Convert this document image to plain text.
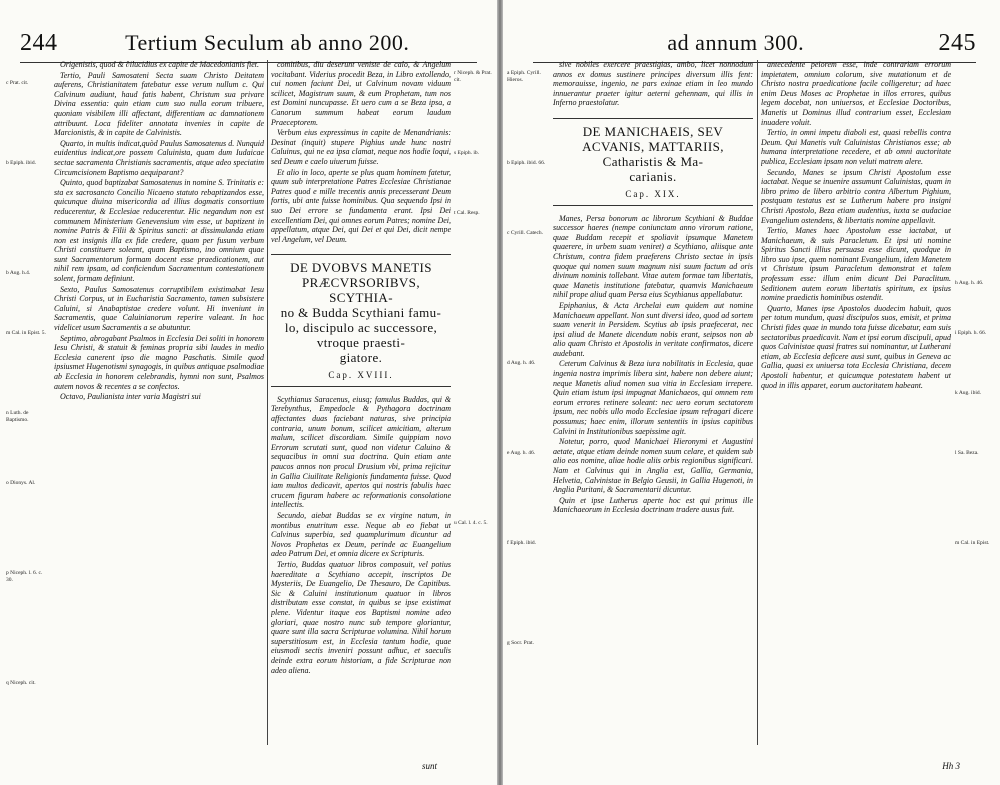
244	Tertium Seculum ab anno 200.
c Prat. cit.
b Epiph. ibid.
b Aug. h.4.
m Cal. in Epist. 5.
n Luth. de Baptismo.
o Dionys. Al.
p Niceph. l. 6. c. 30.
q Niceph. cit.

Origenistis, quod & ∂ilucidius ex capite de Macedonianis fiet.

Tertio, Pauli Samosateni Secta suam Christo Deitatem auferens, Christianitatem fatebatur esse verum nullum c. Qui Calvinum audiunt, haud fatis habent, Christum sua privare Divina essentia: quin etiam cum suo nulla eorum tribuere, quoniam visibilem illi affectant, differentiam ac damnationem attribuunt. Loca fideliter annotata invenies in capite de Marcionistis, & in capite de Calvinistis.

Quarto, in multis indicat,quòd Paulus Samosatenus d. Nunquid euidentius indicat,ore possem Caluinista, quam dum Iudaicae sectae sacramenta Christianis sacramentis, atque adeo speciatim Circumcisionem Baptismo aequiparant?

Quinto, quod baptizabat Samosatenus in nomine S. Trinitatis e: sta ex sacrosancto Concilio Nicaeno statuto rebaptizandos esse, quicunque diuina misericordia ad illius dogmatis consortium reducerentur, & Ecclesiae reducerentur. Hic negandum non est communem Ministerium Genevensium vim esse, ut baptizent in nomine Patris & Filii & Spiritus sancti: at dissimulanda etiam non est insignis illa ex fide credere, quam per fusum verbum Christi constituere soleant, quam Baptismo, ino omnium quae sunt Sacramentorum formam docent esse praedicationem, aut nihil rem ipsam, ad conficiendum Sacramentum contestationem solent, formam definiunt.

Sexto, Paulus Samosatenus corruptibilem existimabat Iesu Christi Corpus, ut in Eucharistia Sacramento, tamen subsistere Caluini, si Anabaptistae credere volunt. Hi inveniunt in Sacramentis, quae Caluinianorum reperire valeant. In hoc videlicet usum Sacramentis a se abutuntur.

Septimo, abrogabant Psalmos in Ecclesia Dei soliti in honorem Iesu Christi, & statuit & feminas propria sibi laudes in medio Ecclesia canerent ipso die magno Paschatis. Simile quod ipsiusmet Hugenotismi synagogis, in quibus antiquae psalmodiae ab Ecclesia in honorem celebrandis, hymni non sunt, Psalmos autem novos & recentes a se confectos.

Octavo, Paulianista inter varia Magistri sui

comitibus, diu deserunt veniste de calo, & Angelum vocitabant. Viderius procedit Beza, in Libro extollendo, cui nomen faciunt Dei, ut Calvinum novam viduum scilicet, Magistrum suum, & eum Prophetam, tum nos est Domini nuncupasse. Et uero cum a se Beza ipsa, a Canorum summum habeat eorum laudum Praeceptorem.

Verbum eius expressimus in capite de Menandrianis: Desinat (inquit) stupere Pighius unde hunc nostri Caluinus, qui ne ea ipsa clamat, neque nos hodie loqui, sed Deum e caelo uiuerum fuisse.

Et alio in loco, aperte se plus quam hominem fatetur, quum sub interpretatione Patres Ecclesiae Christianae Patres quod e mille trecentis annis precesserant Deum fortis, ubi ante fuisse hominibus. Qua sequendo Ipsi in suo Dei errore se fundamenta erant. Ipsi Dei excellentiam Dei, qui omnes eorum Patres; nomine Dei, appellatum, atque Dei, qui Dei et qui Dei, dicit nempe vel Angelum, vel Deum.

DE DVOBVS MANETIS
PRÆCVRSORIBVS, SCYTHIA-
no & Budda Scythiani famu-
lo, discipulo ac successore,
vtroque praesti-
giatore.
Cap. XVIII.

Scythianus Saracenus, eiusq; famulus Buddas, qui & Terebynthus, Empedocle & Pythagora doctrinam affectantes duas faciebant naturas, sive principia contraria, unum bonum, scilicet amicitiam, alterum malum, scilicet discordiam. Simile quippiam novo Errorum scrutati sunt, quod non videtur Caluino & sequacibus in omni sua doctrina. Quin etiam ante paucos annos non procul Drusium vbi, prima rejicitur in Gallia Ciuilitate Religionis fundamenta fuisse. Quod iam multos dedicavit, apertos qui nostris fabulis haec crucem figuram habere ac reformationis consolatione intellectis.

Secundo, aiebat Buddas se ex virgine natum, in montibus enutritum esse. Neque ab eo fiebat ut Calvinus superbia, sed quamplurimum dicuntur ad Novos Prophetas ex Deum, perinde ac Euangelium adeo Patrum Dei, et omnia dicere ex Scripturis.

Tertio, Buddas quatuor libros composuit, vel potius haereditate a Scythiano accepit, inscriptos De Mysteriis, De Euangelio, De Thesauro, De Capitibus. Sic & Caluini institutionum quatuor in libros distributam esse constat, in quibus se ipse existimat plene. Videntur itaque eos Baptismi nomine adeo gloriari, quae nostro nunc sub tempore gloriantur, quare sunt illa sacra Scripturae volumina. Nihil horum superstitiosum est, in Ecclesia tantum hodie, quae eiusmodi sectis inveniri possunt adhuc, et saeculis deinde extra eorum historiam, a fide Scripturae non adeo aliena.

r Niceph. & Prat. cit.
s Epiph. ib.
t Cal. Resp.
u Cal. l. 4. c. 5.
sunt
ad annum 300.	245
a Epiph. Cyrill. Hieros.
b Epiph. ibid. 66.
c Cyrill. Catech.
d Aug. h. 46.
e Aug. h. 46.
f Epiph. ibid.
g Socr. Prat.

sive nobiles exercere praestigias, ambo, licet nonnodum annos ex domus sustinere principes diversum illis fent: memorauisse, ingenio, ne pars exinae etiam in leo mundo innuerantur praeter igitur aeterni gehennam, qui illis in Inferno praestolatur.

DE MANICHAEIS, SEV
ACVANIS, MATTARIIS,
Catharistis & Ma-
carianis.
Cap. XIX.

Manes, Persa bonorum ac librorum Scythiani & Buddae successor haeres (nempe coniunctam anno virorum ratione, quae Buddam recepit et spoliavit ipsumque Manetem quaerere, in urbem suam veniret) a Scythiano, aliisque ante Christum, contra fidem praeferens Christo sectae in ipsis quoque qui nomen suum magnum nisi suum factum ad oris divinum nominis tollebant. Vitae autem formae tam libertatis, quae Manetis institutione fatebatur, quamvis Manichaeum nihil prope aliud quam Persa eius Scythianus appellabatur.

Epiphanius, & Acta Archelai eum quidem aut nomine Manichaeum appellant. Non sunt diversi ideo, quod ad sortem suam venerit in Persidem. Scytius ab ipsis praefecerat, nec ipsi aliud de Manete dicendum nobis erant, seipsos non ab alio quam Christo et Apostolis in veritate confirmatos, dicere audebant.

Ceterum Calvinus & Beza iura nobilitatis in Ecclesia, quae ingenia nostra imprimis libera sint, habere non debere aiunt; neque Manetis aliud nomen sua vitia in Ecclesiam irrepere. Quin etiam istum ipsi impugnat Manichaeos, qui omnem rem eorum errores retinere soleant: nec uero eorum sectatorem ipsum, nec nobis ullo modo Ecclesiae ipsum refragari dicere possumus; haec enim, illorum sententiis in ipsius capitibus Calvini in Institutionibus saepissime agit.

Notetur, porro, quod Manichaei Hieronymi et Augustini aetate, atque etiam deinde nomen suum celare, et quidem sub alio eos nomine, aliae hodie aliis orbis regionibus significari. Nam et Calvinus qui in Anglia est, Gallia, Germania, Helvetia, Calvinistae in Belgio Geusii, in Gallia Hugenoti, in Anglia Puritani, & Sacramentarii dicuntur.

Quin et ipse Lutherus aperte hoc est qui primus ille Manichaeorum in Ecclesia doctrinam tradere ausus fuit.

antecedente peiorem esse, inde contrariam errorum impietatem, omnium colorum, sive mutationum et de Christo nostra praedicatione facile colligeretur; ad haec enim Deus Moses ac Prophetae in illos errores, quibus legem docebat, non uniuersos, et Ecclesiae Doctoribus, Manetis ut Dominus illud contrarium esset, Ecclesiam inuadere voluit.

Tertio, in omni impetu diaboli est, quasi rebellis contra Deum. Qui Manetis vult Caluinistas Christianos esse; ab humana interpretatione recedere, et ab omni auctoritate publica, Ecclesiam ipsam non veluti matrem alere.

Secundo, Manes se ipsum Christi Apostolum esse iactabat. Neque se inuenire assumunt Caluinistas, quam in libro primo de libero arbitrio contra Albertum Pighium, postquam testatus est se Lutherum habere pro insigni Christi Apostolo, Beza etiam audentius, iuxta se audaciae Evangelium ostendens, & libertatis nomine appellavit.

Tertio, Manes haec Apostolum esse iactabat, ut Manichaeum, & suis Paracletum. Et ipsi uti nomine Spiritus Sancti illius persuasa esse dicunt, quodque in libro suo ipse, quem nominant Evangelium, idem Manetem vt Christum ipsum Paracletum demonstrat et talem professum esse: illum enim dicunt Dei Paraclitum. Seditionem autem eorum libertatis spiritum, ex ipsius nomine praedictis hominibus ostendit.

Quarto, Manes ipse Apostolos duodecim habuit, quos per totum mundum, quasi discipulos suos, emisit, et prima Christi fides quae in mundo tota fuisse dicebatur, eam suis sectatoribus praedicavit. Nam et ipsi eorum discipuli, apud quos Calvinistae quasi fratres sui nominantur, ut Lutherani etiam, ab Ecclesia deficere ausi sunt, quibus in Geneva ac Gallia, quasi ex uniuersa tota Ecclesia Christiana, decem Apostoli habentur, et quicumque potestatem habent ut quod in illis apparet, eorum auctoritatem habeant.

h Aug. h. 46.
i Epiph. h. 66.
k Aug. ibid.
l Sa. Beza.
m Cal. in Epist.
Hh 3
